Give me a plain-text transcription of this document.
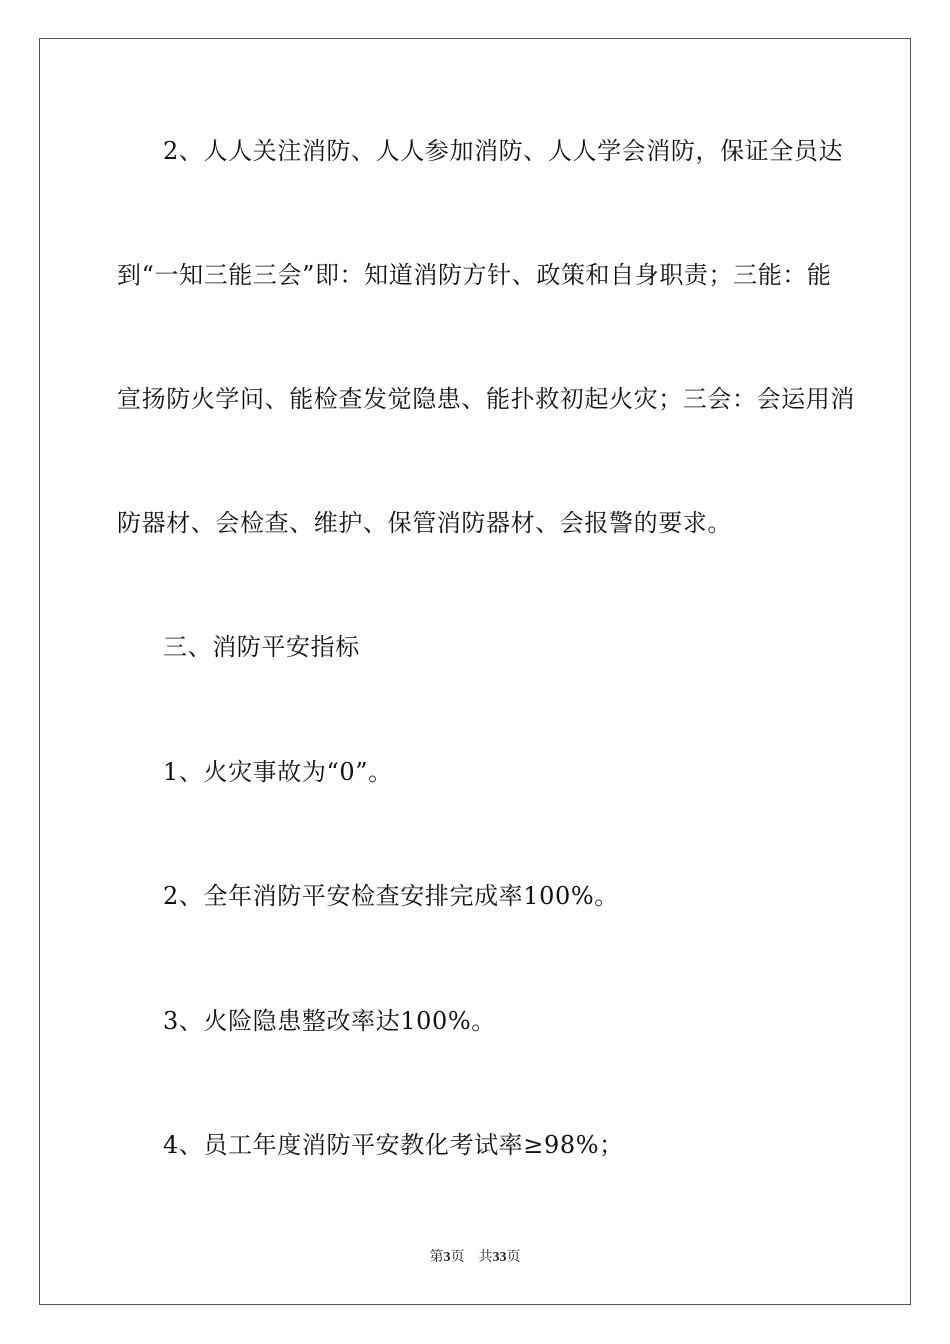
2、人人关注消防、人人参加消防、人人学会消防，保证全员达
到“一知三能三会”即：知道消防方针、政策和自身职责；三能：能
宣扬防火学问、能检查发觉隐患、能扑救初起火灾；三会：会运用消
防器材、会检查、维护、保管消防器材、会报警的要求。
三、消防平安指标
1、火灾事故为“0”。
2、全年消防平安检查安排完成率100%。
3、火险隐患整改率达100%。
4、员工年度消防平安教化考试率≥98%；
第3页 共33页
